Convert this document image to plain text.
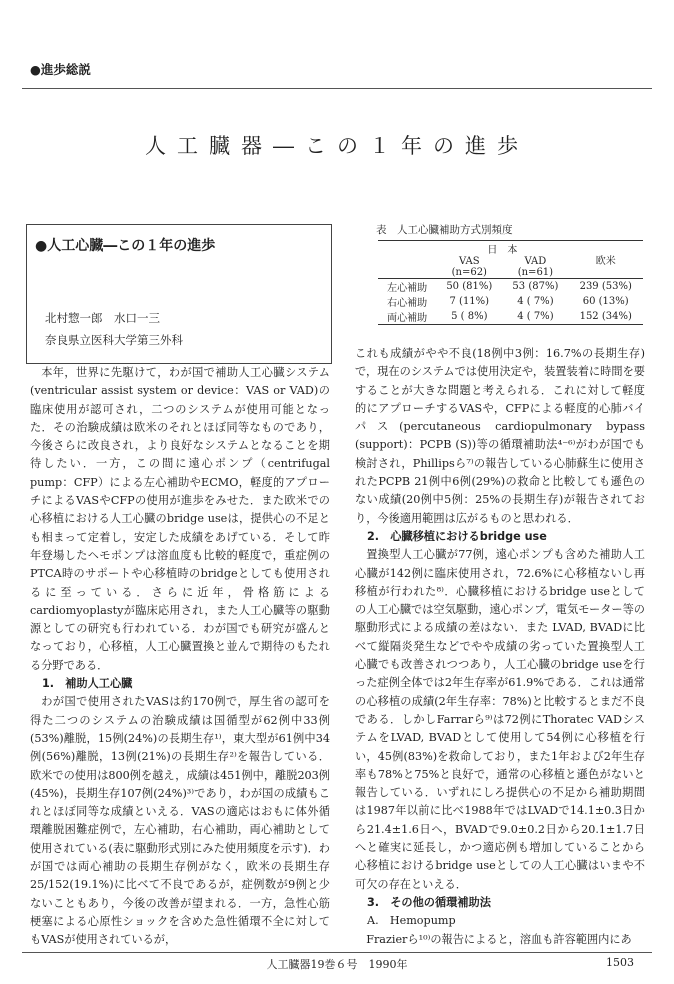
●進歩総説
人工臓器―この１年の進歩
●人工心臓―この１年の進歩
北村惣一郎　水口一三
奈良県立医科大学第三外科
表　人工心臓補助方式別頻度
	日　本		欧米
	VAS	VAD	
	(n=62)	(n=61)	
左心補助	50 (81%)	53 (87%)	239 (53%)
右心補助	7 (11%)	4 ( 7%)	60 (13%)
両心補助	5 ( 8%)	4 ( 7%)	152 (34%)

本年，世界に先駆けて，わが国で補助人工心臓システム(ventricular assist system or device：VAS or VAD)の臨床使用が認可され，二つのシステムが使用可能となった．その治験成績は欧米のそれとほぼ同等なものであり，今後さらに改良され，より良好なシステムとなることを期待したい．一方，この間に遠心ポンプ（centrifugal pump：CFP）による左心補助やECMO，軽度的アプローチによるVASやCFPの使用が進歩をみせた．また欧米での心移植における人工心臓のbridge useは，提供心の不足とも相まって定着し，安定した成績をあげている．そして昨年登場したヘモポンプは溶血度も比較的軽度で，重症例のPTCA時のサポートや心移植時のbridgeとしても使用されるに至っている．さらに近年，骨格筋によるcardiomyoplastyが臨床応用され，また人工心臓等の駆動源としての研究も行われている．わが国でも研究が盛んとなっており，心移植，人工心臓置換と並んで期待のもたれる分野である．

1.　補助人工心臓

わが国で使用されたVASは約170例で，厚生省の認可を得た二つのシステムの治験成績は国循型が62例中33例(53%)離脱，15例(24%)の長期生存¹⁾，東大型が61例中34例(56%)離脱，13例(21%)の長期生存²⁾を報告している．欧米での使用は800例を越え，成績は451例中，離脱203例(45%)，長期生存107例(24%)³⁾であり，わが国の成績もこれとほぼ同等な成績といえる．VASの適応はおもに体外循環離脱困難症例で，左心補助，右心補助，両心補助として使用されている(表に駆動形式別にみた使用頻度を示す)．わが国では両心補助の長期生存例がなく，欧米の長期生存25/152(19.1%)に比べて不良であるが，症例数が9例と少ないこともあり，今後の改善が望まれる．一方，急性心筋梗塞による心原性ショックを含めた急性循環不全に対してもVASが使用されているが，

これも成績がやや不良(18例中3例：16.7%の長期生存)で，現在のシステムでは使用決定や，装置装着に時間を要することが大きな問題と考えられる．これに対して軽度的にアプローチするVASや，CFPによる軽度的心肺バイパス(percutaneous cardiopulmonary bypass (support)：PCPB (S))等の循環補助法⁴⁻⁶⁾がわが国でも検討され，Phillipsら⁷⁾の報告している心肺蘇生に使用されたPCPB 21例中6例(29%)の救命と比較しても遜色のない成績(20例中5例：25%の長期生存)が報告されており，今後適用範囲は広がるものと思われる．

2.　心臓移植におけるbridge use

置換型人工心臓が77例，遠心ポンプも含めた補助人工心臓が142例に臨床使用され，72.6%に心移植ないし再移植が行われた⁸⁾．心臓移植におけるbridge useとしての人工心臓では空気駆動，遠心ポンプ，電気モーター等の駆動形式による成績の差はない．また LVAD, BVADに比べて縦隔炎発生などでやや成績の劣っていた置換型人工心臓でも改善されつつあり，人工心臓のbridge useを行った症例全体では2年生存率が61.9%である．これは通常の心移植の成績(2年生存率：78%)と比較するとまだ不良である．しかしFarrarら⁹⁾は72例にThoratec VADシステムをLVAD, BVADとして使用して54例に心移植を行い，45例(83%)を救命しており，また1年および2年生存率も78%と75%と良好で，通常の心移植と遜色がないと報告している．いずれにしろ提供心の不足から補助期間は1987年以前に比べ1988年ではLVADで14.1±0.3日から21.4±1.6日へ，BVADで9.0±0.2日から20.1±1.7日へと確実に延長し，かつ適応例も増加していることから心移植におけるbridge useとしての人工心臓はいまや不可欠の存在といえる．

3.　その他の循環補助法

A.　Hemopump

Frazierら¹⁰⁾の報告によると，溶血も許容範囲内にあ

人工臓器19巻６号　1990年	1503
